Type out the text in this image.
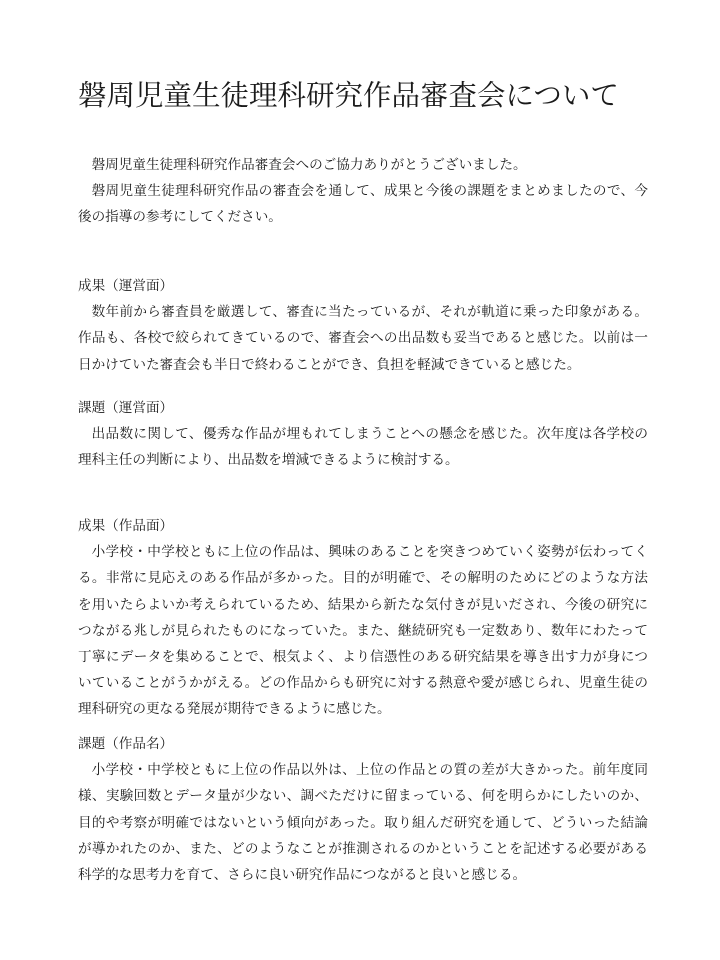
磐周児童生徒理科研究作品審査会について

磐周児童生徒理科研究作品審査会へのご協力ありがとうございました。

磐周児童生徒理科研究作品の審査会を通して、成果と今後の課題をまとめましたので、今後の指導の参考にしてください。

成果（運営面）

数年前から審査員を厳選して、審査に当たっているが、それが軌道に乗った印象がある。作品も、各校で絞られてきているので、審査会への出品数も妥当であると感じた。以前は一日かけていた審査会も半日で終わることができ、負担を軽減できていると感じた。

課題（運営面）

出品数に関して、優秀な作品が埋もれてしまうことへの懸念を感じた。次年度は各学校の理科主任の判断により、出品数を増減できるように検討する。

成果（作品面）

小学校・中学校ともに上位の作品は、興味のあることを突きつめていく姿勢が伝わってくる。非常に見応えのある作品が多かった。目的が明確で、その解明のためにどのような方法を用いたらよいか考えられているため、結果から新たな気付きが見いだされ、今後の研究につながる兆しが見られたものになっていた。また、継続研究も一定数あり、数年にわたって丁寧にデータを集めることで、根気よく、より信憑性のある研究結果を導き出す力が身についていることがうかがえる。どの作品からも研究に対する熱意や愛が感じられ、児童生徒の理科研究の更なる発展が期待できるように感じた。

課題（作品名）

小学校・中学校ともに上位の作品以外は、上位の作品との質の差が大きかった。前年度同様、実験回数とデータ量が少ない、調べただけに留まっている、何を明らかにしたいのか、目的や考察が明確ではないという傾向があった。取り組んだ研究を通して、どういった結論が導かれたのか、また、どのようなことが推測されるのかということを記述する必要がある科学的な思考力を育て、さらに良い研究作品につながると良いと感じる。
